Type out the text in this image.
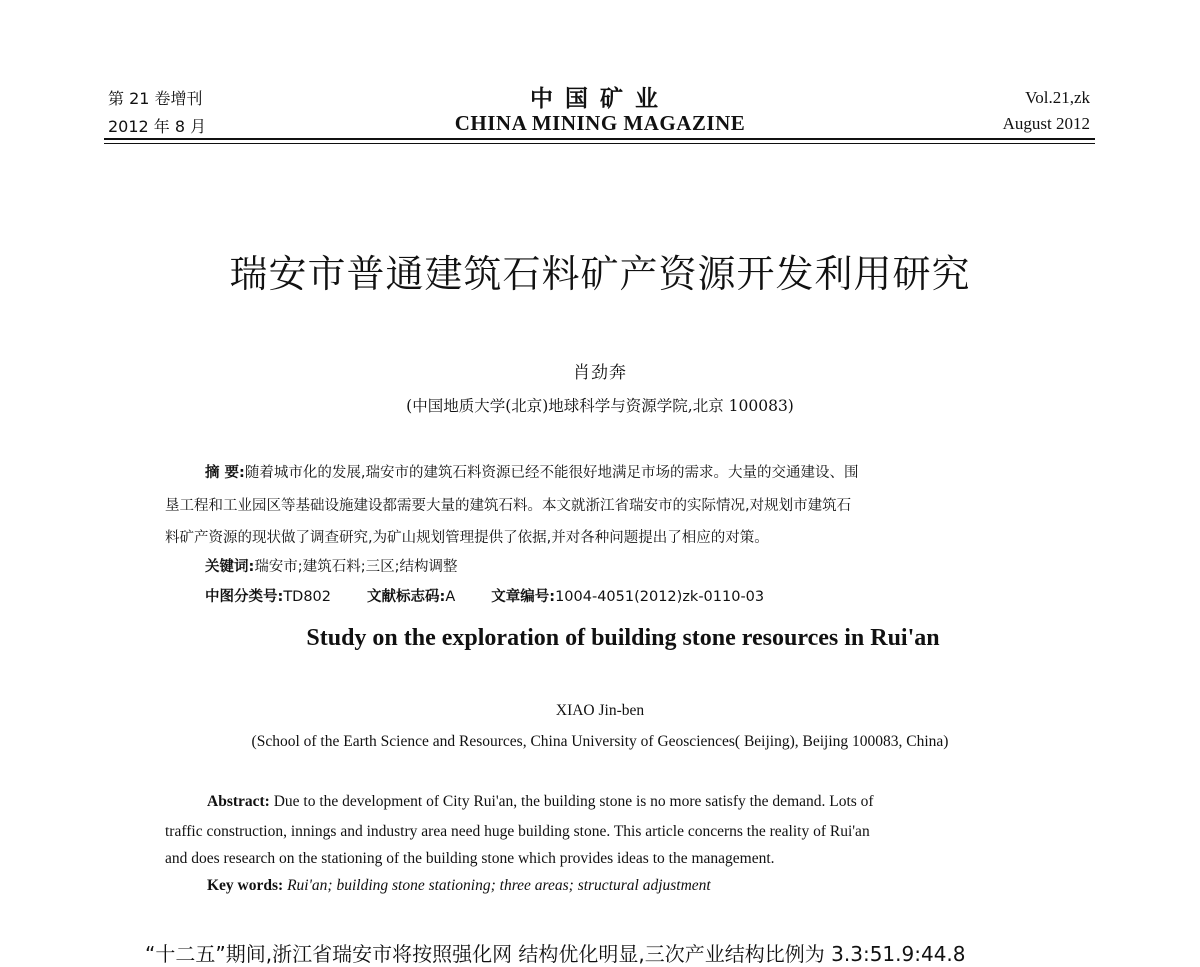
第 21 卷增刊
2012 年 8 月
中国矿业
CHINA MINING MAGAZINE
Vol.21,zk
August 2012
瑞安市普通建筑石料矿产资源开发利用研究
肖劲奔
(中国地质大学(北京)地球科学与资源学院,北京 100083)
摘 要:随着城市化的发展,瑞安市的建筑石料资源已经不能很好地满足市场的需求。大量的交通建设、围
垦工程和工业园区等基础设施建设都需要大量的建筑石料。本文就浙江省瑞安市的实际情况,对规划市建筑石
料矿产资源的现状做了调查研究,为矿山规划管理提供了依据,并对各种问题提出了相应的对策。
关键词:瑞安市;建筑石料;三区;结构调整
中图分类号:TD802 文献标志码:A 文章编号:1004-4051(2012)zk-0110-03
Study on the exploration of building stone resources in Rui'an
XIAO Jin-ben
(School of the Earth Science and Resources, China University of Geosciences( Beijing), Beijing 100083, China)
Abstract: Due to the development of City Rui'an, the building stone is no more satisfy the demand. Lots of
traffic construction, innings and industry area need huge building stone. This article concerns the reality of Rui'an
and does research on the stationing of the building stone which provides ideas to the management.
Key words: Rui'an; building stone stationing; three areas; structural adjustment
“十二五”期间,浙江省瑞安市将按照强化网 结构优化明显,三次产业结构比例为 3.3:51.9:44.8
